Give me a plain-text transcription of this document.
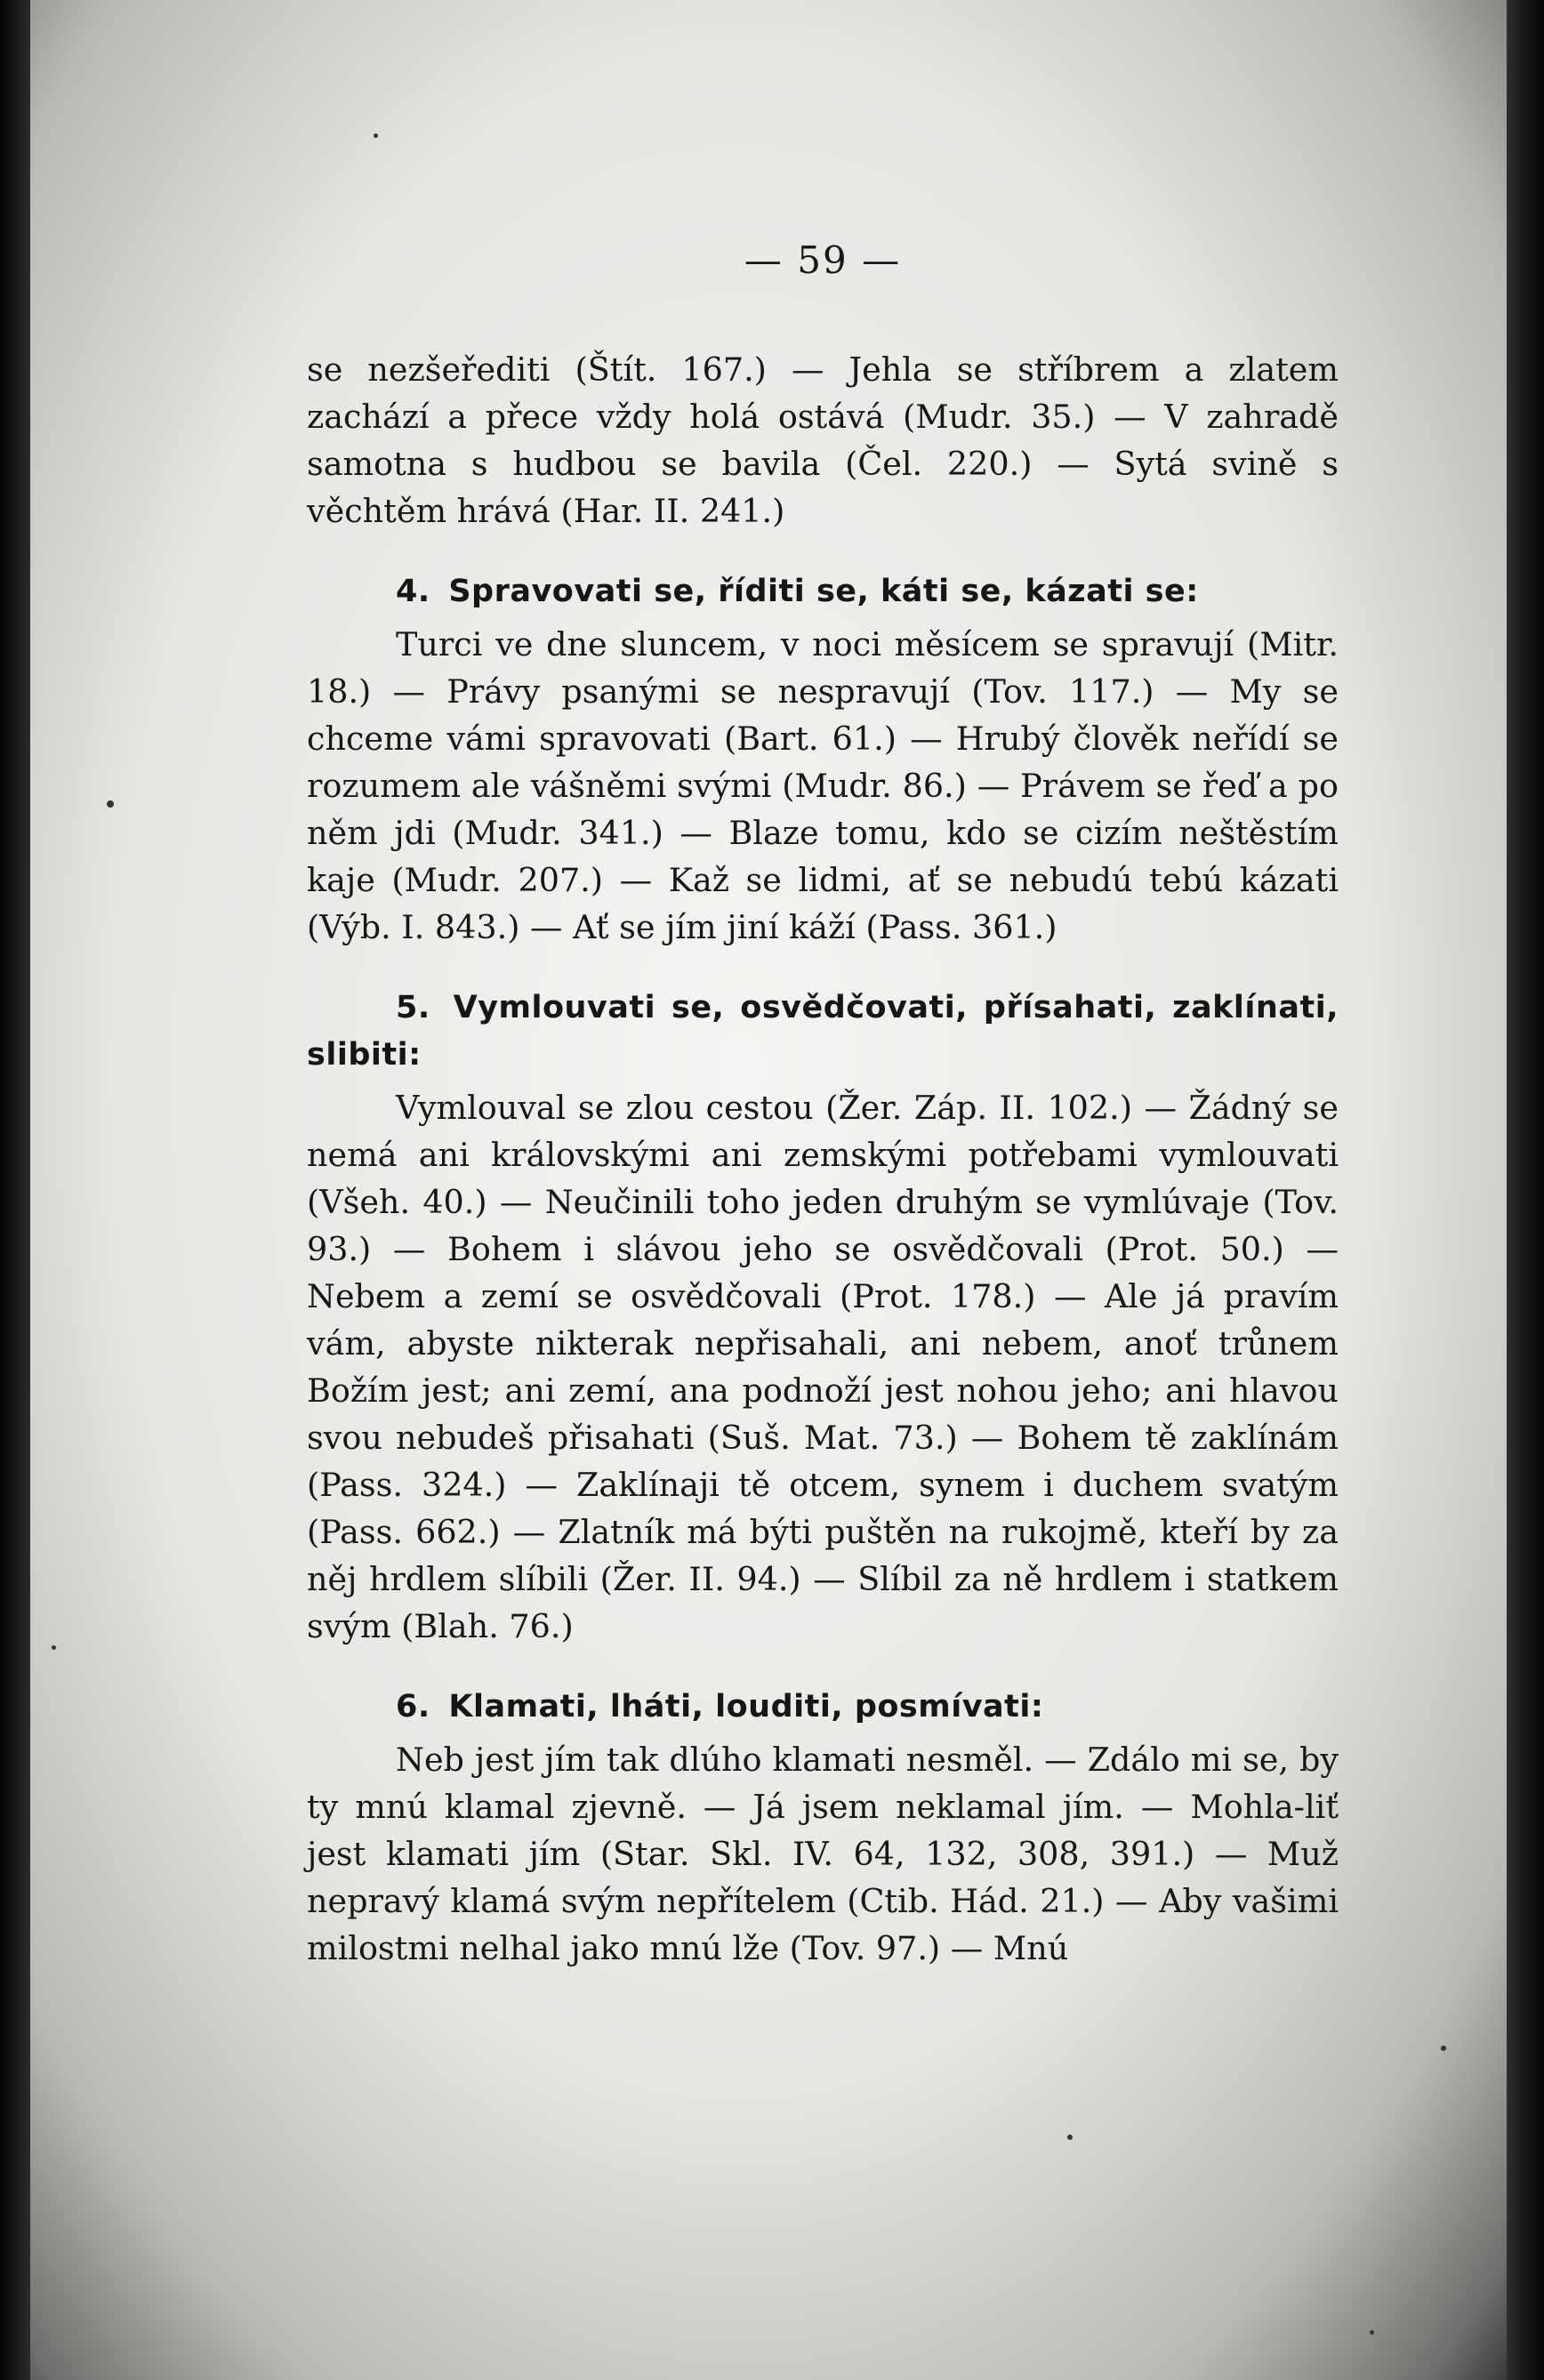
— 59 —

se nezšeřediti (Štít. 167.) — Jehla se stříbrem a zlatem zachází a přece vždy holá ostává (Mudr. 35.) — V zahradě samotna s hudbou se bavila (Čel. 220.) — Sytá svině s věchtěm hrává (Har. II. 241.)

4. Spravovati se, říditi se, káti se, kázati se:

Turci ve dne sluncem, v noci měsícem se spravují (Mitr. 18.) — Právy psanými se nespravují (Tov. 117.) — My se chceme vámi spravovati (Bart. 61.) — Hrubý člověk neřídí se rozumem ale vášněmi svými (Mudr. 86.) — Právem se řeď a po něm jdi (Mudr. 341.) — Blaze tomu, kdo se cizím neštěstím kaje (Mudr. 207.) — Kaž se lidmi, ať se nebudú tebú kázati (Výb. I. 843.) — Ať se jím jiní káží (Pass. 361.)

5. Vymlouvati se, osvědčovati, přísahati, zaklínati, slibiti:

Vymlouval se zlou cestou (Žer. Záp. II. 102.) — Žádný se nemá ani královskými ani zemskými potřebami vymlouvati (Všeh. 40.) — Neučinili toho jeden druhým se vymlúvaje (Tov. 93.) — Bohem i slávou jeho se osvědčovali (Prot. 50.) — Nebem a zemí se osvědčovali (Prot. 178.) — Ale já pravím vám, abyste nikterak nepřisahali, ani nebem, anoť trůnem Božím jest; ani zemí, ana podnoží jest nohou jeho; ani hlavou svou nebudeš přisahati (Suš. Mat. 73.) — Bohem tě zaklínám (Pass. 324.) — Zaklínaji tě otcem, synem i duchem svatým (Pass. 662.) — Zlatník má býti puštěn na rukojmě, kteří by za něj hrdlem slíbili (Žer. II. 94.) — Slíbil za ně hrdlem i statkem svým (Blah. 76.)

6. Klamati, lháti, louditi, posmívati:

Neb jest jím tak dlúho klamati nesměl. — Zdálo mi se, by ty mnú klamal zjevně. — Já jsem neklamal jím. — Mohla-liť jest klamati jím (Star. Skl. IV. 64, 132, 308, 391.) — Muž nepravý klamá svým nepřítelem (Ctib. Hád. 21.) — Aby vašimi milostmi nelhal jako mnú lže (Tov. 97.) — Mnú
